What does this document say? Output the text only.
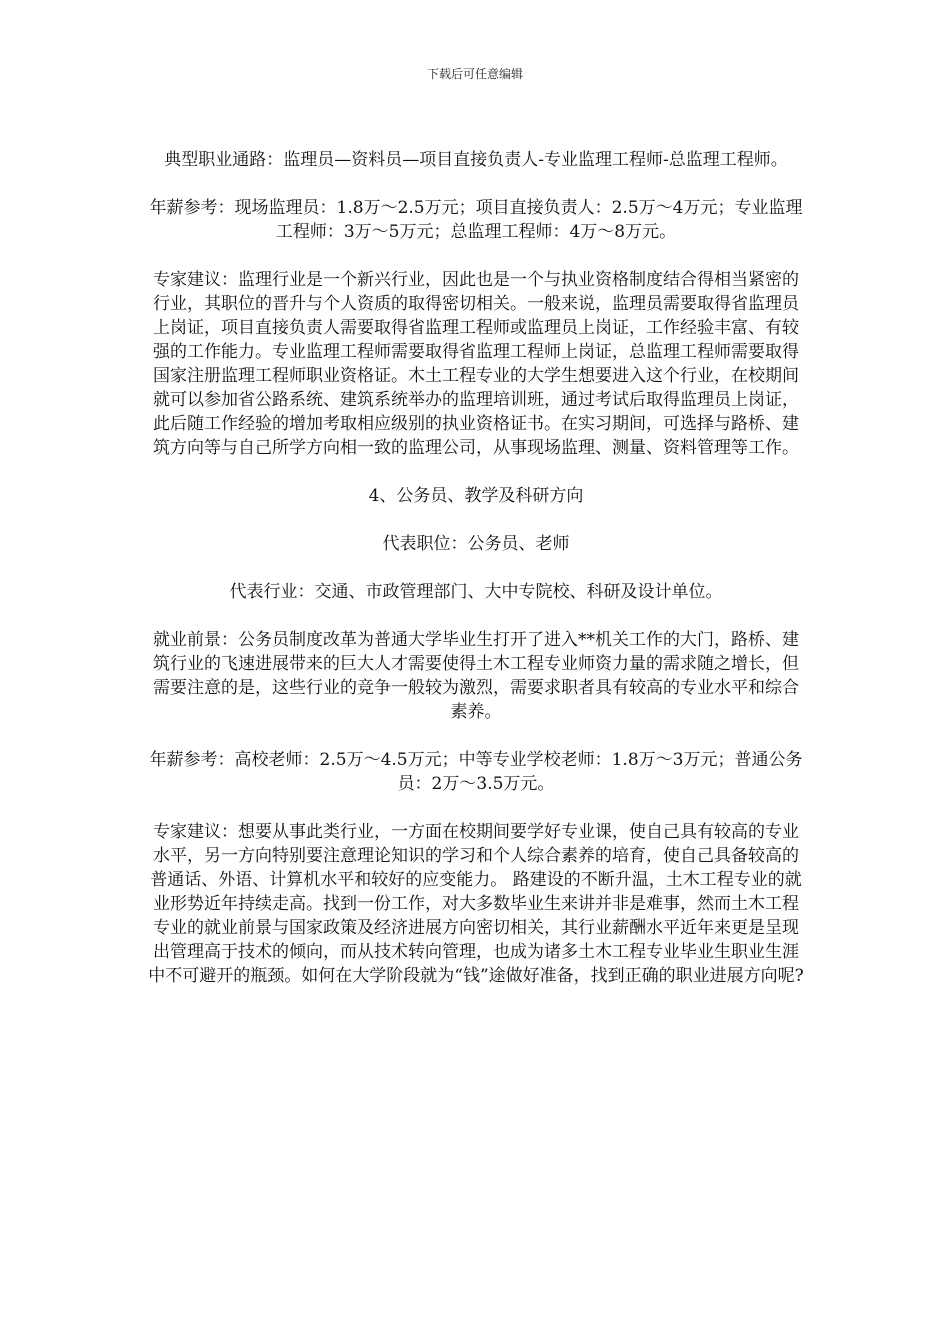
下载后可任意编辑

典型职业通路：监理员—资料员—项目直接负责人-专业监理工程师-总监理工程师。

年薪参考：现场监理员：1.8万～2.5万元；项目直接负责人：2.5万～4万元；专业监理工程师：3万～5万元；总监理工程师：4万～8万元。

专家建议：监理行业是一个新兴行业，因此也是一个与执业资格制度结合得相当紧密的行业，其职位的晋升与个人资质的取得密切相关。一般来说，监理员需要取得省监理员上岗证，项目直接负责人需要取得省监理工程师或监理员上岗证，工作经验丰富、有较强的工作能力。专业监理工程师需要取得省监理工程师上岗证，总监理工程师需要取得国家注册监理工程师职业资格证。木土工程专业的大学生想要进入这个行业，在校期间就可以参加省公路系统、建筑系统举办的监理培训班，通过考试后取得监理员上岗证，此后随工作经验的增加考取相应级别的执业资格证书。在实习期间，可选择与路桥、建筑方向等与自己所学方向相一致的监理公司，从事现场监理、测量、资料管理等工作。

4、公务员、教学及科研方向

代表职位：公务员、老师

代表行业：交通、市政管理部门、大中专院校、科研及设计单位。

就业前景：公务员制度改革为普通大学毕业生打开了进入**机关工作的大门，路桥、建筑行业的飞速进展带来的巨大人才需要使得土木工程专业师资力量的需求随之增长，但需要注意的是，这些行业的竞争一般较为激烈，需要求职者具有较高的专业水平和综合素养。

年薪参考：高校老师：2.5万～4.5万元；中等专业学校老师：1.8万～3万元；普通公务员：2万～3.5万元。

专家建议：想要从事此类行业，一方面在校期间要学好专业课，使自己具有较高的专业水平，另一方向特别要注意理论知识的学习和个人综合素养的培育，使自己具备较高的普通话、外语、计算机水平和较好的应变能力。 路建设的不断升温，土木工程专业的就业形势近年持续走高。找到一份工作，对大多数毕业生来讲并非是难事，然而土木工程专业的就业前景与国家政策及经济进展方向密切相关，其行业薪酬水平近年来更是呈现出管理高于技术的倾向，而从技术转向管理，也成为诸多土木工程专业毕业生职业生涯中不可避开的瓶颈。如何在大学阶段就为“钱”途做好准备，找到正确的职业进展方向呢?
